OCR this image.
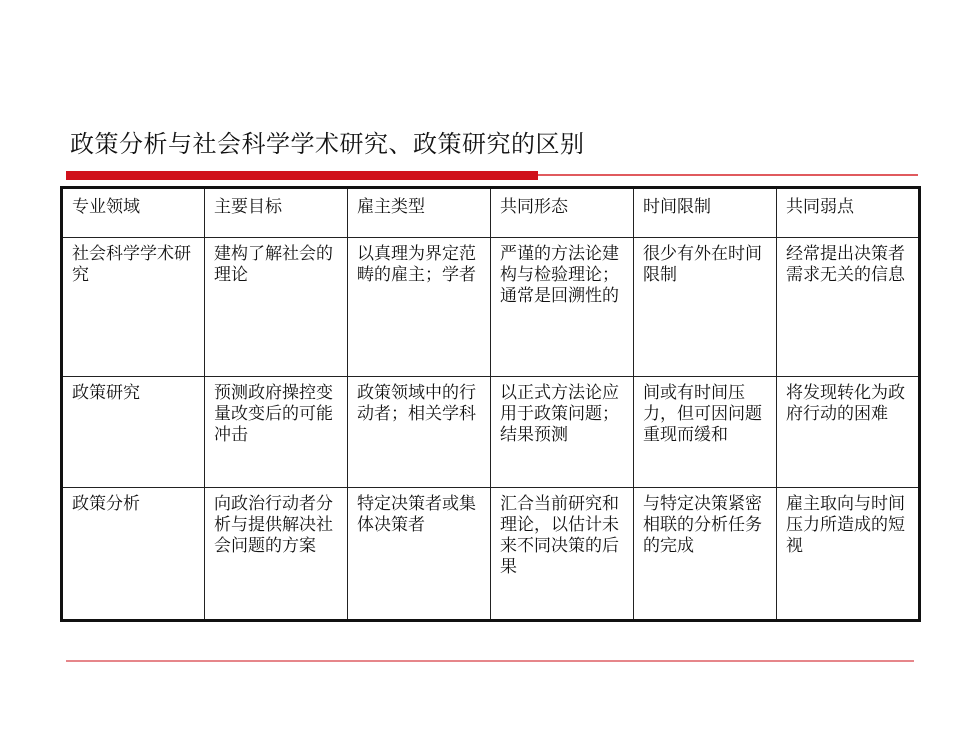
政策分析与社会科学学术研究、政策研究的区别
专业领域	主要目标	雇主类型	共同形态	时间限制	共同弱点
社会科学学术研究	建构了解社会的理论	以真理为界定范畴的雇主；学者	严谨的方法论建构与检验理论；通常是回溯性的	很少有外在时间限制	经常提出决策者需求无关的信息
政策研究	预测政府操控变量改变后的可能冲击	政策领域中的行动者；相关学科	以正式方法论应用于政策问题；结果预测	间或有时间压力，但可因问题重现而缓和	将发现转化为政府行动的困难
政策分析	向政治行动者分析与提供解决社会问题的方案	特定决策者或集体决策者	汇合当前研究和理论，以估计未来不同决策的后果	与特定决策紧密相联的分析任务的完成	雇主取向与时间压力所造成的短视
